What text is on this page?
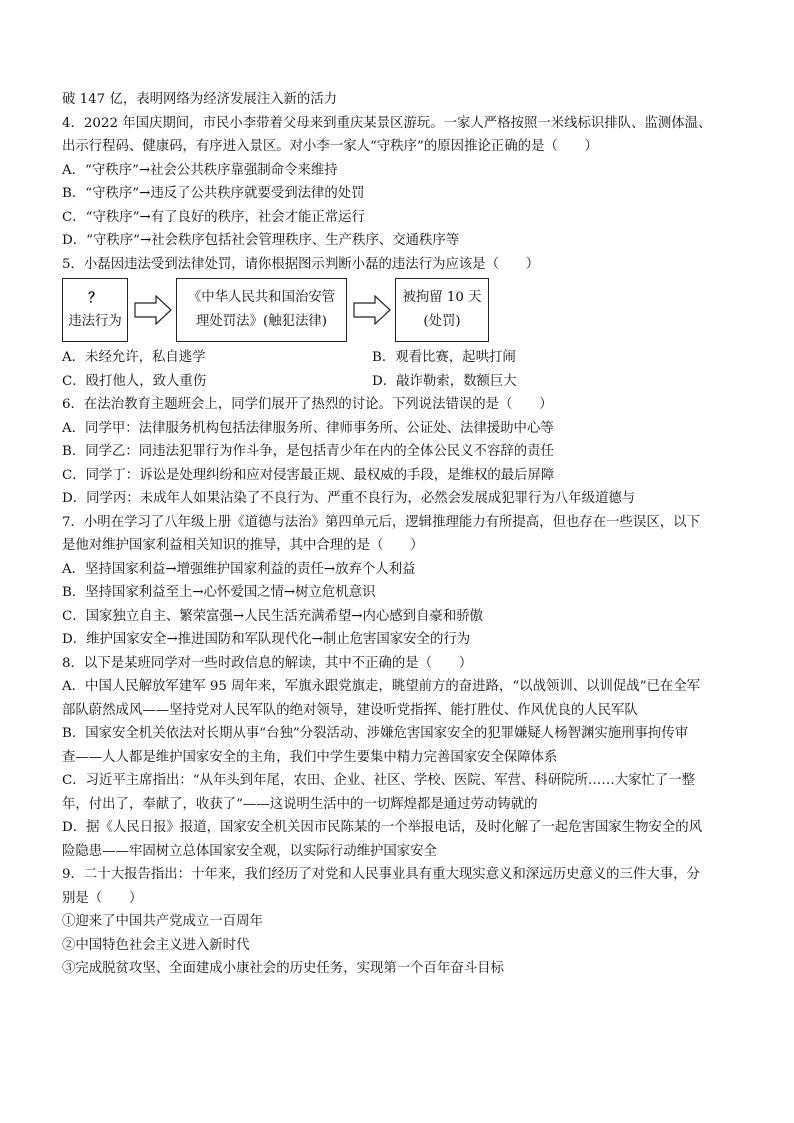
破 147 亿，表明网络为经济发展注入新的活力
4．2022 年国庆期间，市民小李带着父母来到重庆某景区游玩。一家人严格按照一米线标识排队、监测体温、
出示行程码、健康码，有序进入景区。对小李一家人“守秩序”的原因推论正确的是（　　）
A．“守秩序”→社会公共秩序靠强制命令来维持
B．“守秩序”→违反了公共秩序就要受到法律的处罚
C．“守秩序”→有了良好的秩序，社会才能正常运行
D．“守秩序”→社会秩序包括社会管理秩序、生产秩序、交通秩序等
5．小磊因违法受到法律处罚，请你根据图示判断小磊的违法行为应该是（　　）
？
违法行为
《中华人民共和国治安管
理处罚法》(触犯法律)
被拘留 10 天
(处罚)
A．未经允许，私自逃学	B．观看比赛，起哄打闹
C．殴打他人，致人重伤	D．敲诈勒索，数额巨大
6．在法治教育主题班会上，同学们展开了热烈的讨论。下列说法错误的是（　　）
A．同学甲：法律服务机构包括法律服务所、律师事务所、公证处、法律援助中心等
B．同学乙：同违法犯罪行为作斗争，是包括青少年在内的全体公民义不容辞的责任
C．同学丁：诉讼是处理纠纷和应对侵害最正规、最权威的手段，是维权的最后屏障
D．同学丙：未成年人如果沾染了不良行为、严重不良行为，必然会发展成犯罪行为八年级道德与
7．小明在学习了八年级上册《道德与法治》第四单元后，逻辑推理能力有所提高，但也存在一些误区，以下
是他对维护国家利益相关知识的推导，其中合理的是（　　）
A．坚持国家利益→增强维护国家利益的责任→放弃个人利益
B．坚持国家利益至上→心怀爱国之情→树立危机意识
C．国家独立自主、繁荣富强→人民生活充满希望→内心感到自豪和骄傲
D．维护国家安全→推进国防和军队现代化→制止危害国家安全的行为
8．以下是某班同学对一些时政信息的解读，其中不正确的是（　　）
A．中国人民解放军建军 95 周年来，军旗永跟党旗走，眺望前方的奋进路，“以战领训、以训促战”已在全军
部队蔚然成风——坚持党对人民军队的绝对领导，建设听党指挥、能打胜仗、作风优良的人民军队
B．国家安全机关依法对长期从事“台独”分裂活动、涉嫌危害国家安全的犯罪嫌疑人杨智渊实施刑事拘传审
查——人人都是维护国家安全的主角，我们中学生要集中精力完善国家安全保障体系
C．习近平主席指出：“从年头到年尾，农田、企业、社区、学校、医院、军营、科研院所……大家忙了一整
年，付出了，奉献了，收获了”——这说明生活中的一切辉煌都是通过劳动铸就的
D．据《人民日报》报道，国家安全机关因市民陈某的一个举报电话，及时化解了一起危害国家生物安全的风
险隐患——牢固树立总体国家安全观，以实际行动维护国家安全
9．二十大报告指出：十年来，我们经历了对党和人民事业具有重大现实意义和深远历史意义的三件大事，分
别是（　　）
①迎来了中国共产党成立一百周年
②中国特色社会主义进入新时代
③完成脱贫攻坚、全面建成小康社会的历史任务，实现第一个百年奋斗目标
